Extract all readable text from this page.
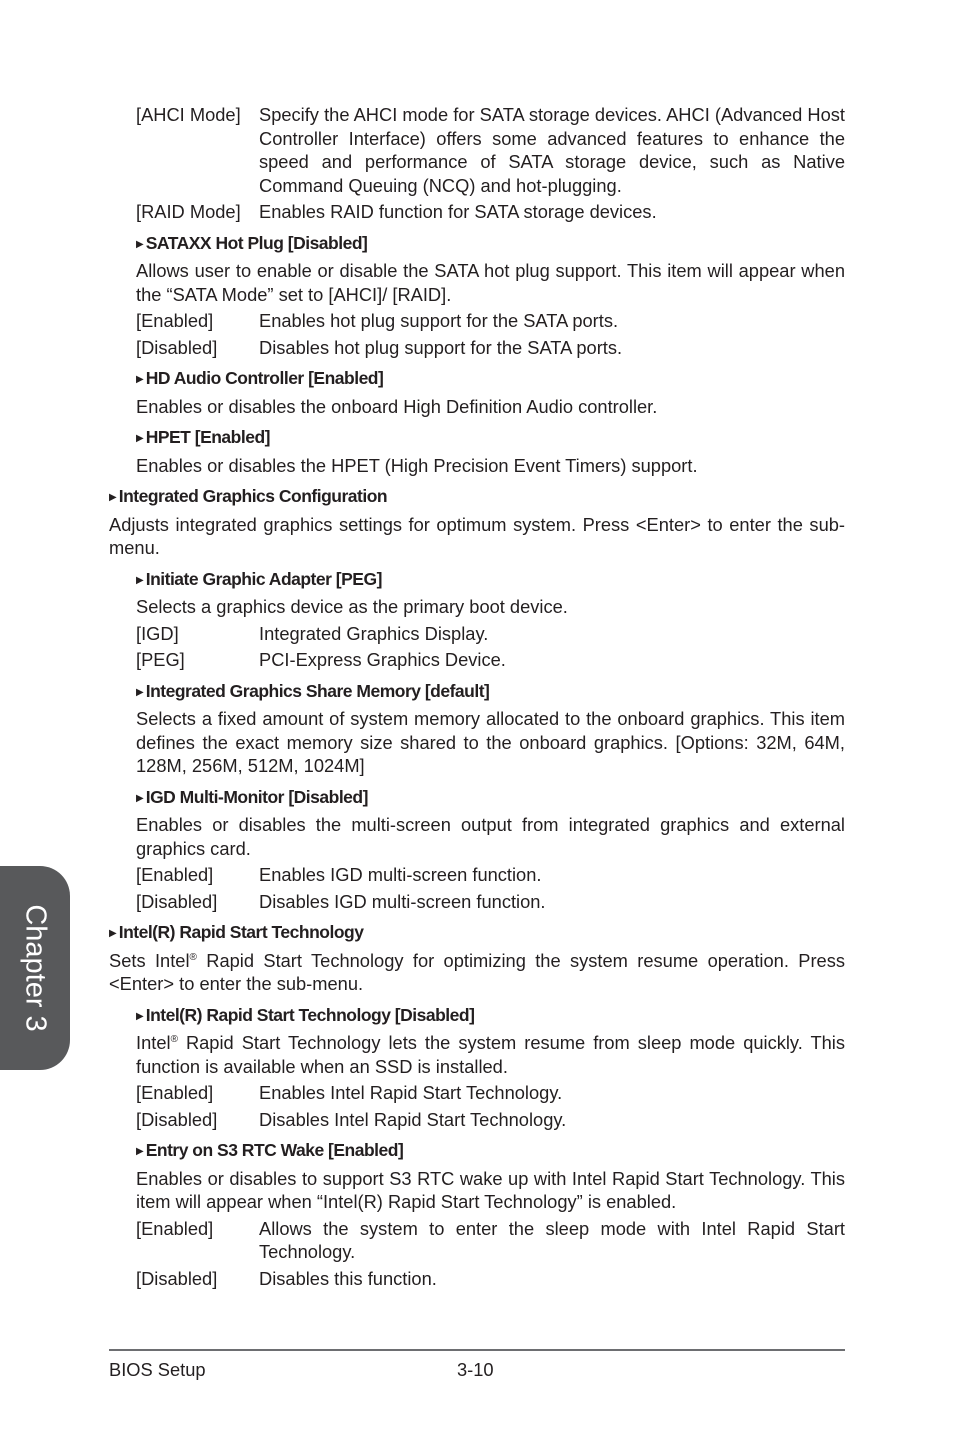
[AHCI Mode]	Specify the AHCI mode for SATA storage devices. AHCI (Advanced Host Controller Interface) offers some advanced features to enhance the speed and performance of SATA storage device, such as Native Command Queuing (NCQ) and hot-plugging.
[RAID Mode]	Enables RAID function for SATA storage devices.
▶ SATAXX Hot Plug [Disabled]
Allows user to enable or disable the SATA hot plug support. This item will appear when the “SATA Mode” set to [AHCI]/ [RAID].
[Enabled]	Enables hot plug support for the SATA ports.
[Disabled]	Disables hot plug support for the SATA ports.
▶ HD Audio Controller [Enabled]
Enables or disables the onboard High Definition Audio controller.
▶ HPET [Enabled]
Enables or disables the HPET (High Precision Event Timers) support.
▶ Integrated Graphics Configuration
Adjusts integrated graphics settings for optimum system. Press <Enter> to enter the sub-menu.
▶ Initiate Graphic Adapter [PEG]
Selects a graphics device as the primary boot device.
[IGD]	Integrated Graphics Display.
[PEG]	PCI-Express Graphics Device.
▶ Integrated Graphics Share Memory [default]
Selects a fixed amount of system memory allocated to the onboard graphics. This item defines the exact memory size shared to the onboard graphics. [Options: 32M, 64M, 128M, 256M, 512M, 1024M]
▶ IGD Multi-Monitor [Disabled]
Enables or disables the multi-screen output from integrated graphics and external graphics card.
[Enabled]	Enables IGD multi-screen function.
[Disabled]	Disables IGD multi-screen function.
▶ Intel(R) Rapid Start Technology
Sets Intel® Rapid Start Technology for optimizing the system resume operation. Press <Enter> to enter the sub-menu.
▶ Intel(R) Rapid Start Technology [Disabled]
Intel® Rapid Start Technology lets the system resume from sleep mode quickly. This function is available when an SSD is installed.
[Enabled]	Enables Intel Rapid Start Technology.
[Disabled]	Disables Intel Rapid Start Technology.
▶ Entry on S3 RTC Wake [Enabled]
Enables or disables to support S3 RTC wake up with Intel Rapid Start Technology. This item will appear when “Intel(R) Rapid Start Technology” is enabled.
[Enabled]	Allows the system to enter the sleep mode with Intel Rapid Start Technology.
[Disabled]	Disables this function.
Chapter 3
BIOS Setup	3-10
